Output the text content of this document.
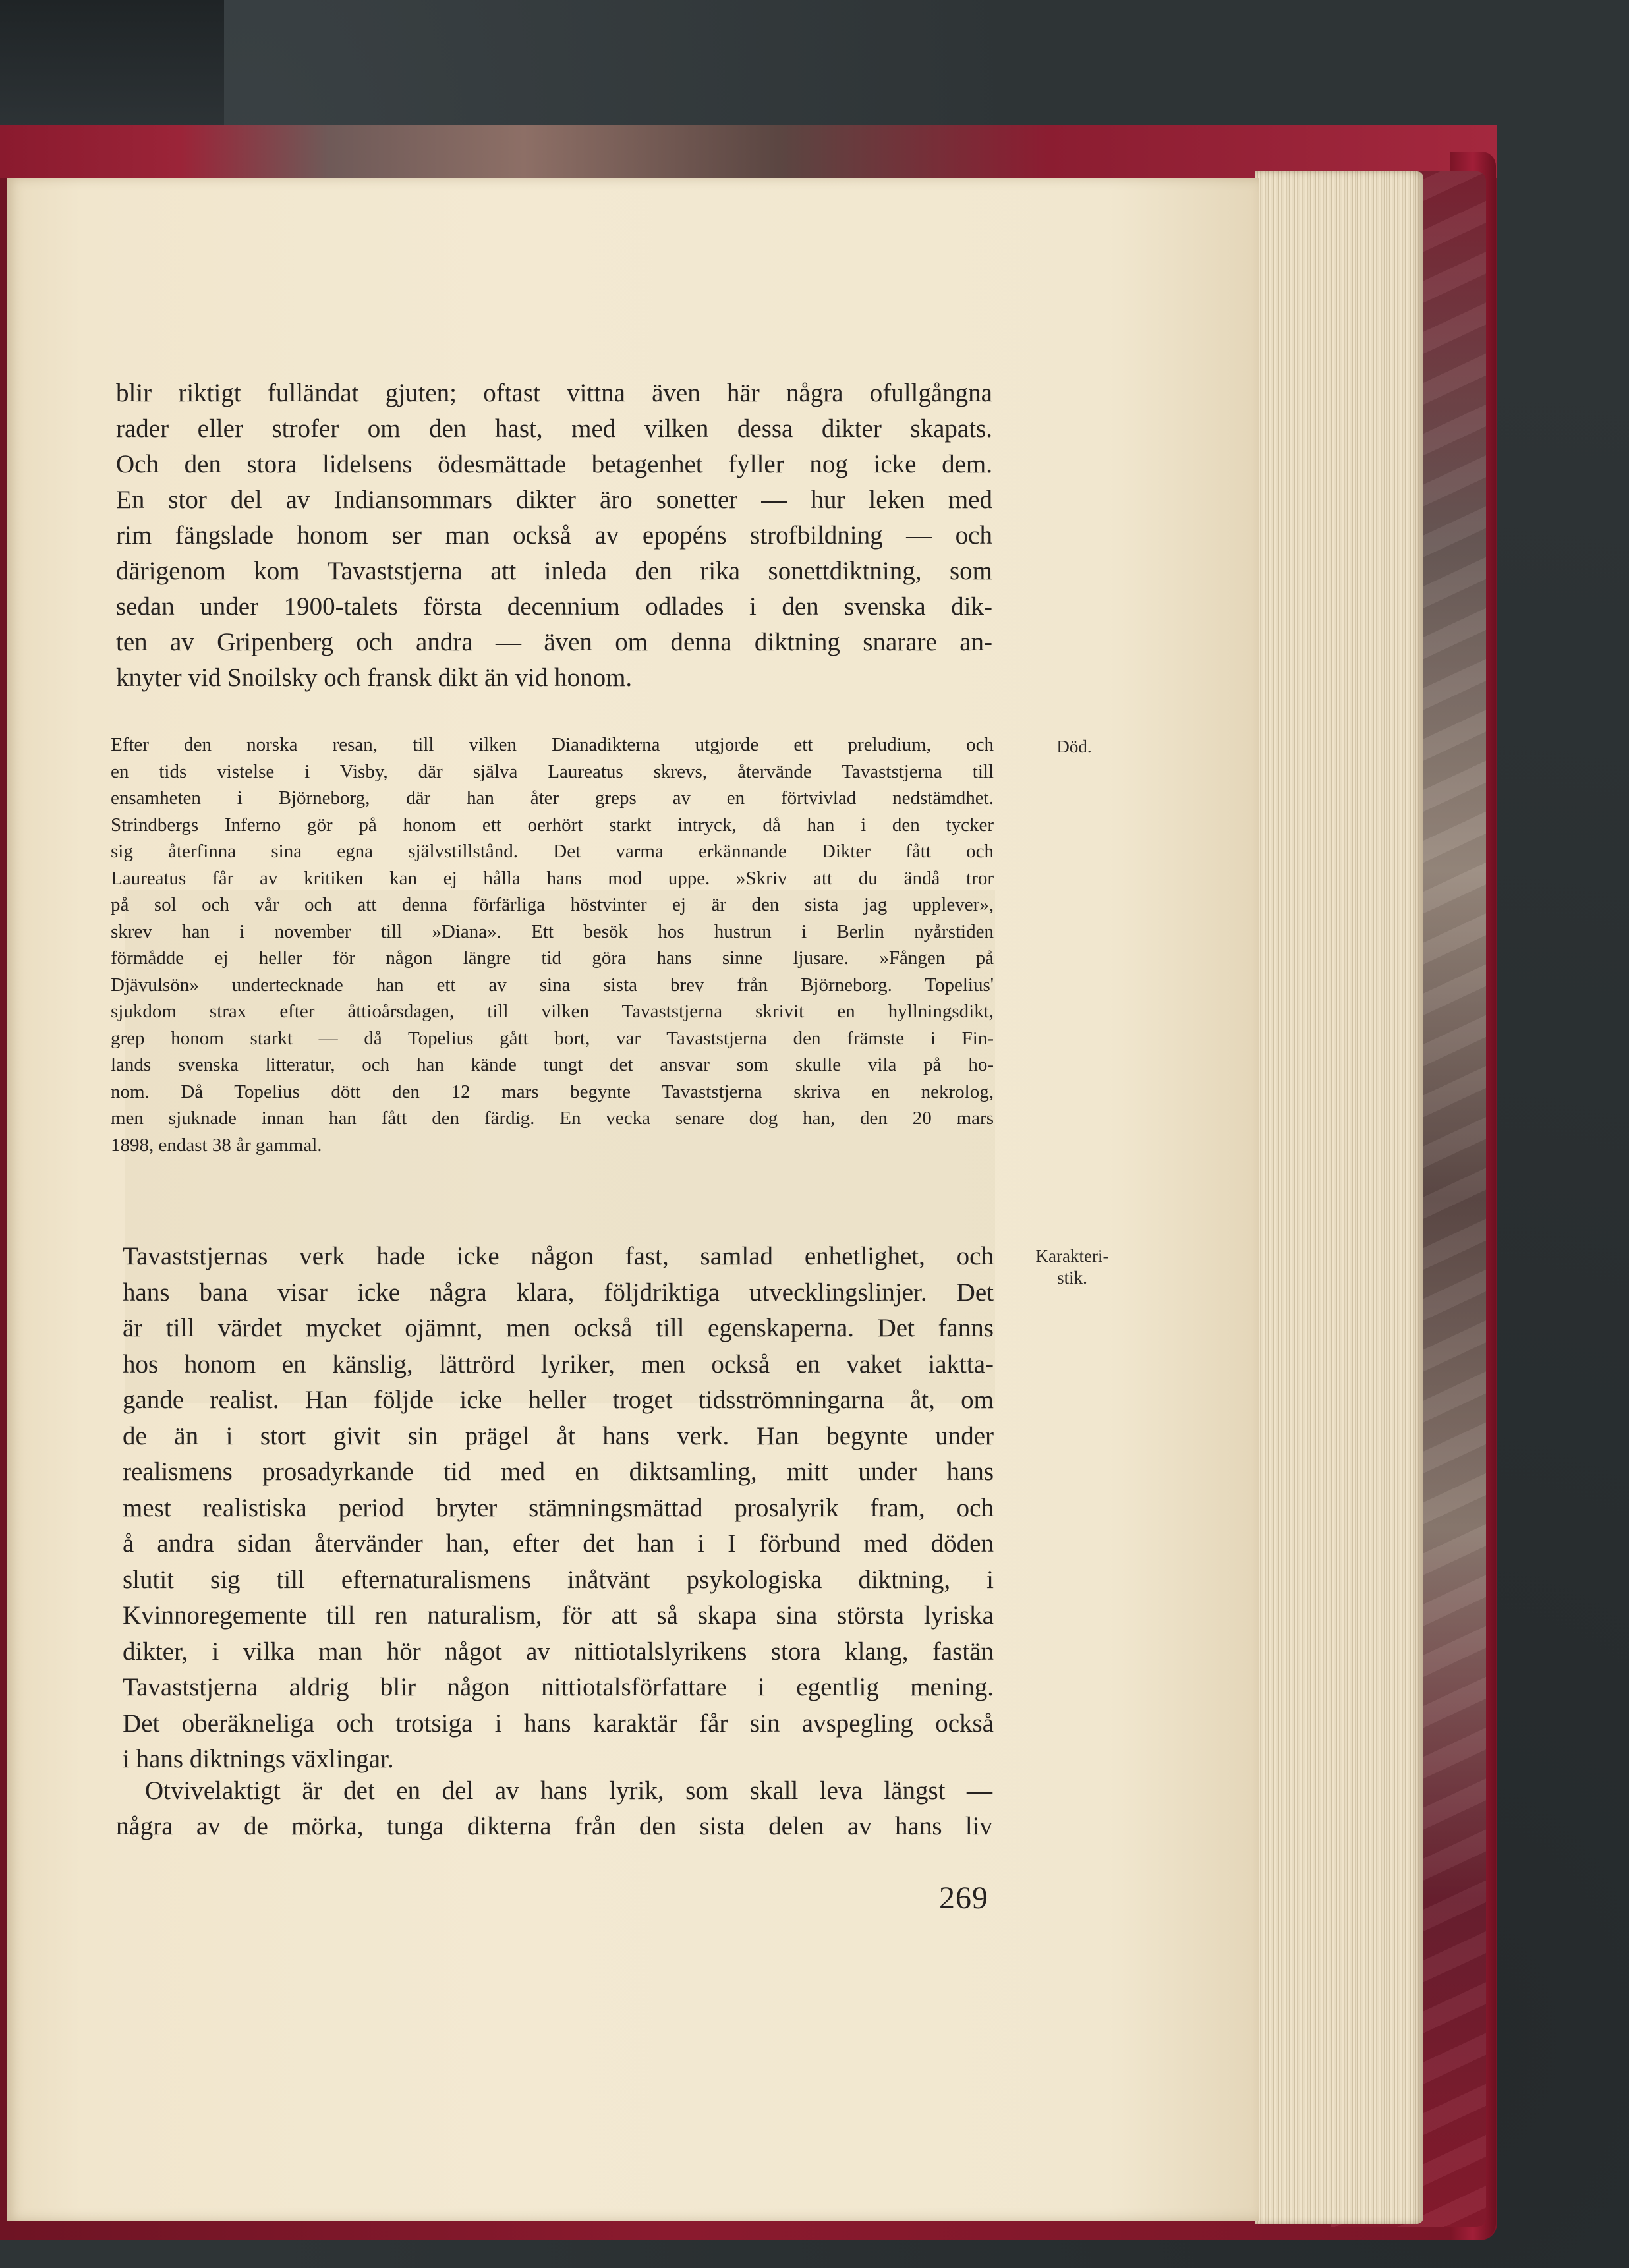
blir riktigt fulländat gjuten; oftast vittna även här några ofullgångna
rader eller strofer om den hast, med vilken dessa dikter skapats.
Och den stora lidelsens ödesmättade betagenhet fyller nog icke dem.
En stor del av Indiansommars dikter äro sonetter — hur leken med
rim fängslade honom ser man också av epopéns strofbildning — och
därigenom kom Tavaststjerna att inleda den rika sonettdiktning, som
sedan under 1900-talets första decennium odlades i den svenska dik-
ten av Gripenberg och andra — även om denna diktning snarare an-
knyter vid Snoilsky och fransk dikt än vid honom.
Efter den norska resan, till vilken Dianadikterna utgjorde ett preludium, och
en tids vistelse i Visby, där själva Laureatus skrevs, återvände Tavaststjerna till
ensamheten i Björneborg, där han åter greps av en förtvivlad nedstämdhet.
Strindbergs Inferno gör på honom ett oerhört starkt intryck, då han i den tycker
sig återfinna sina egna självstillstånd. Det varma erkännande Dikter fått och
Laureatus får av kritiken kan ej hålla hans mod uppe. »Skriv att du ändå tror
på sol och vår och att denna förfärliga höstvinter ej är den sista jag upplever»,
skrev han i november till »Diana». Ett besök hos hustrun i Berlin nyårstiden
förmådde ej heller för någon längre tid göra hans sinne ljusare. »Fången på
Djävulsön» undertecknade han ett av sina sista brev från Björneborg. Topelius'
sjukdom strax efter åttioårsdagen, till vilken Tavaststjerna skrivit en hyllningsdikt,
grep honom starkt — då Topelius gått bort, var Tavaststjerna den främste i Fin-
lands svenska litteratur, och han kände tungt det ansvar som skulle vila på ho-
nom. Då Topelius dött den 12 mars begynte Tavaststjerna skriva en nekrolog,
men sjuknade innan han fått den färdig. En vecka senare dog han, den 20 mars
1898, endast 38 år gammal.
Tavaststjernas verk hade icke någon fast, samlad enhetlighet, och
hans bana visar icke några klara, följdriktiga utvecklingslinjer. Det
är till värdet mycket ojämnt, men också till egenskaperna. Det fanns
hos honom en känslig, lättrörd lyriker, men också en vaket iaktta-
gande realist. Han följde icke heller troget tidsströmningarna åt, om
de än i stort givit sin prägel åt hans verk. Han begynte under
realismens prosadyrkande tid med en diktsamling, mitt under hans
mest realistiska period bryter stämningsmättad prosalyrik fram, och
å andra sidan återvänder han, efter det han i I förbund med döden
slutit sig till efternaturalismens inåtvänt psykologiska diktning, i
Kvinnoregemente till ren naturalism, för att så skapa sina största lyriska
dikter, i vilka man hör något av nittiotalslyrikens stora klang, fastän
Tavaststjerna aldrig blir någon nittiotalsförfattare i egentlig mening.
Det oberäkneliga och trotsiga i hans karaktär får sin avspegling också
i hans diktnings växlingar.
Otvivelaktigt är det en del av hans lyrik, som skall leva längst —
några av de mörka, tunga dikterna från den sista delen av hans liv
Död.
Karakteri-
stik.
269
